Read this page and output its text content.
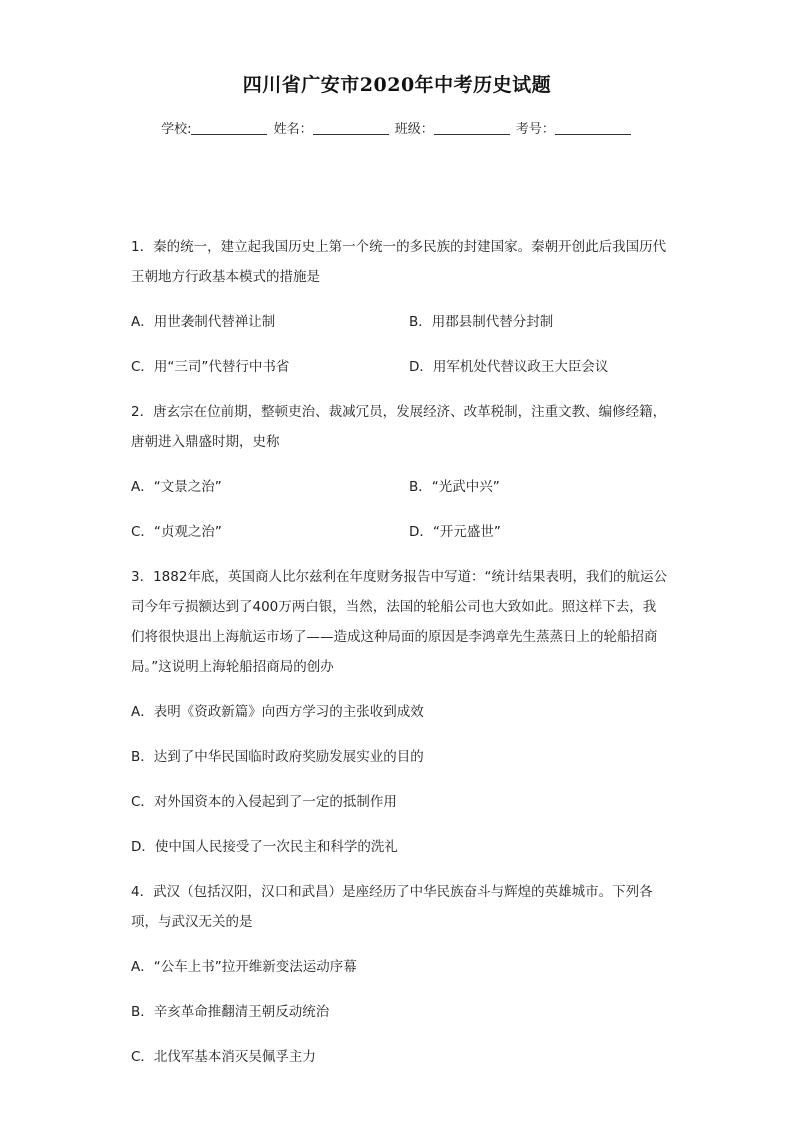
四川省广安市2020年中考历史试题
学校:	姓名：	班级：	考号：

1．秦的统一，建立起我国历史上第一个统一的多民族的封建国家。秦朝开创此后我国历代王朝地方行政基本模式的措施是

A．用世袭制代替禅让制	B．用郡县制代替分封制
C．用“三司”代替行中书省	D．用军机处代替议政王大臣会议

2．唐玄宗在位前期，整顿吏治、裁减冗员，发展经济、改革税制，注重文教、编修经籍，唐朝进入鼎盛时期，史称

A．“文景之治”	B．“光武中兴”
C．“贞观之治”	D．“开元盛世”

3．1882年底，英国商人比尔兹利在年度财务报告中写道：“统计结果表明，我们的航运公司今年亏损额达到了400万两白银，当然，法国的轮船公司也大致如此。照这样下去，我们将很快退出上海航运市场了——造成这种局面的原因是李鸿章先生蒸蒸日上的轮船招商局。”这说明上海轮船招商局的创办

A．表明《资政新篇》向西方学习的主张收到成效
B．达到了中华民国临时政府奖励发展实业的目的
C．对外国资本的入侵起到了一定的抵制作用
D．使中国人民接受了一次民主和科学的洗礼

4．武汉（包括汉阳，汉口和武昌）是座经历了中华民族奋斗与辉煌的英雄城市。下列各项，与武汉无关的是

A．“公车上书”拉开维新变法运动序幕
B．辛亥革命推翻清王朝反动统治
C．北伐军基本消灭吴佩孚主力
